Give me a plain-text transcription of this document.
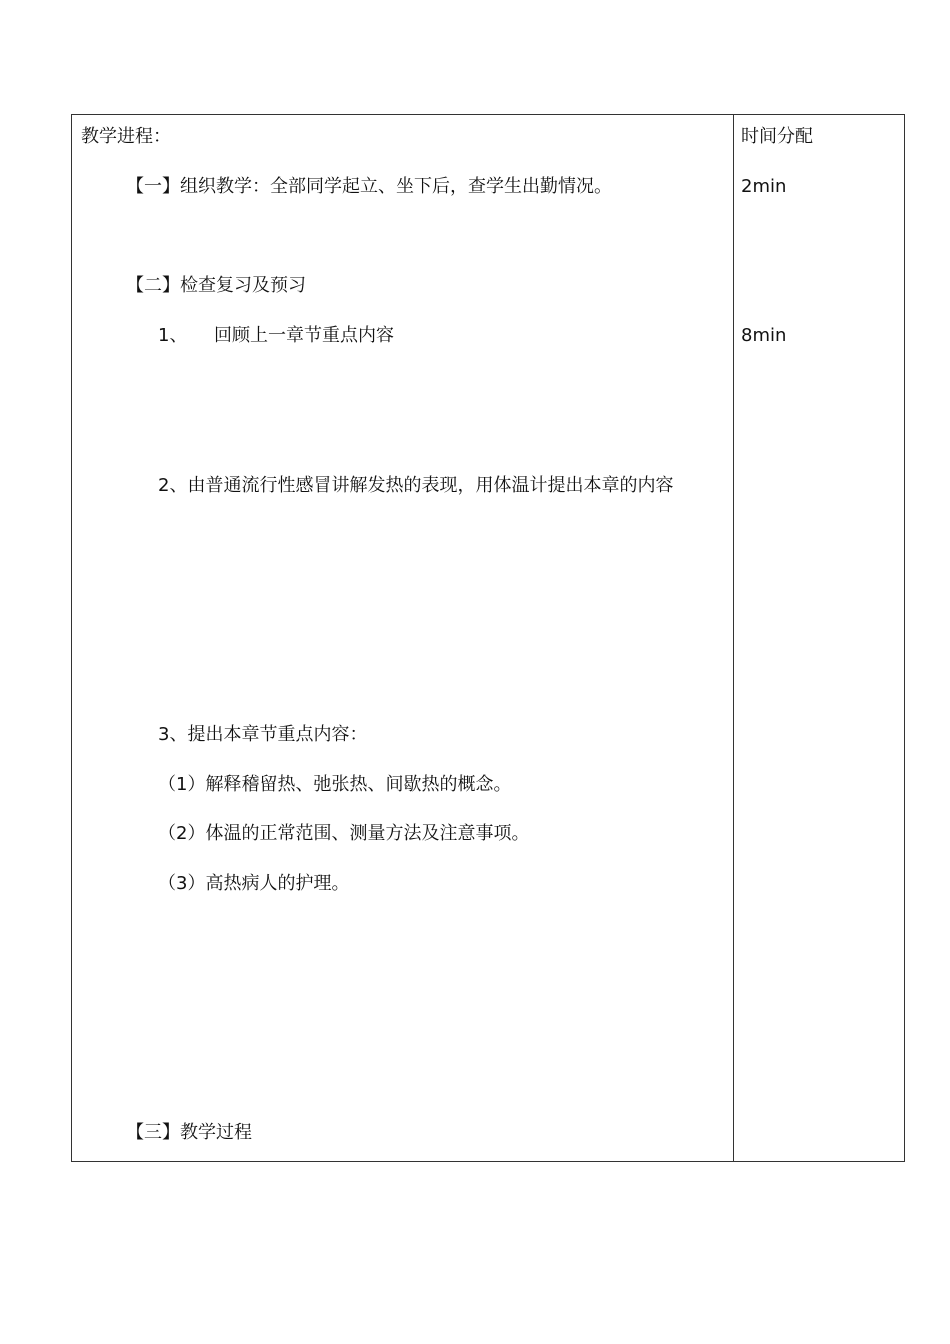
教学进程：
【一】组织教学：全部同学起立、坐下后，查学生出勤情况。
【二】检查复习及预习
1、 回顾上一章节重点内容
2、由普通流行性感冒讲解发热的表现，用体温计提出本章的内容
3、提出本章节重点内容：
（1）解释稽留热、弛张热、间歇热的概念。
（2）体温的正常范围、测量方法及注意事项。
（3）高热病人的护理。
【三】教学过程
时间分配
2min
8min
